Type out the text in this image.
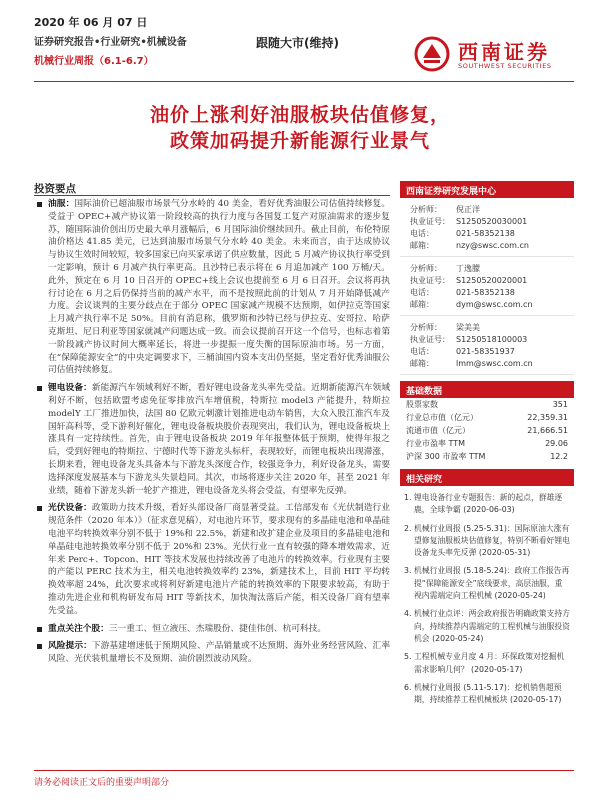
2020 年 06 月 07 日
证券研究报告•行业研究•机械设备
机械行业周报（6.1-6.7）
跟随大市(维持)	西南证券
SOUTHWEST SECURITIES
油价上涨利好油服板块估值修复，
政策加码提升新能源行业景气
投资要点
油服：国际油价已超油服市场景气分水岭的 40 美金，看好优秀油服公司估值持续修复。受益于 OPEC+减产协议第一阶段较高的执行力度与各国复工复产对原油需求的逐步复苏，随国际油价创出历史最大单月涨幅后，6 月国际油价继续回升。截止目前，布伦特原油价格达 41.85 美元，已达到油服市场景气分水岭 40 美金。未来而言，由于达成协议与协议生效时间较短，较多国家已向买家承诺了供应数量，因此 5 月减产协议执行率受到一定影响，预计 6 月减产执行率更高。且沙特已表示将在 6 月追加减产 100 万桶/天。此外，预定在 6 月 10 日召开的 OPEC+线上会议也提前至 6 月 6 日召开。会议将再执行讨论在 6 月之后仍保持当前的减产水平，而不是按照此前的计划从 7 月开始降低减产力度。会议谈判的主要分歧点在于部分 OPEC 国家减产规模不达预期，如伊拉克等国家上月减产执行率不足 50%。目前有消息称，俄罗斯和沙特已经与伊拉克、安哥拉、哈萨克斯坦、尼日利亚等国家就减产问题达成一致。而会议提前召开这一个信号，也标志着第一阶段减产协议时间大概率延长，将进一步提振一度失衡的国际原油市场。另一方面，在“保障能源安全”的中央定调要求下，三桶油国内资本支出仍坚挺，坚定看好优秀油服公司估值持续修复。
锂电设备：新能源汽车领域利好不断，看好锂电设备龙头率先受益。近期新能源汽车领域利好不断，包括欧盟考虑免征零排放汽车增值税，特斯拉 model3 产能提升，特斯拉 modelY 工厂推进加快，法国 80 亿欧元刺激计划推进电动车销售，大众入股江淮汽车及国轩高科等，受下游利好催化，锂电设备板块股价表现突出，我们认为，锂电设备板块上涨具有一定持续性。首先，由于锂电设备板块 2019 年年报整体低于预期，使得年报之后，受到好锂电的特斯拉、宁德时代等下游龙头标杆，表现较好，而锂电板块出现滞涨，长期来看，锂电设备龙头具备本与下游龙头深度合作，较强竞争力，利好设备龙头，需要选择深度发展基本与下游龙头失景趋同。其次，市场将逐步关注 2020 年，甚至 2021 年业绩，随着下游龙头新一轮扩产推进，锂电设备龙头将会受益，有望率先反弹。
光伏设备：政策助力技术升级，看好头部设备厂商显著受益。工信部发布《光伏制造行业规范条件（2020 年本）》（征求意见稿），对电池片环节，要求现有的多晶硅电池和单晶硅电池平均转换效率分别不低于 19%和 22.5%，新建和改扩建企业及项目的多晶硅电池和单晶硅电池转换效率分别不低于 20%和 23%。光伏行业一直有较强的降本增效需求，近年来 Perc+、Topcon、HIT 等技术发展也持续改善了电池片的转换效率。行业现有主要的产能以 PERC 技术为主，相关电池转换效率约 23%，新建技术上，目前 HIT 平均转换效率超 24%，此次要求或将利好新建电池片产能的转换效率的下限要求较高，有助于推动先进企业和机构研发布局 HIT 等新技术，加快淘汰落后产能，相关设备厂商有望率先受益。
重点关注个股：三一重工、恒立液压、杰瑞股份、捷佳伟创、杭可科技。
风险提示：下游基建增速低于预期风险、产品销量或不达预期、海外业务经营风险、汇率风险、光伏装机量增长不及预期、油价剧烈波动风险。
西南证券研究发展中心
分析师：	倪正洋
执业证号： S1250520030001
电话：	021-58352138
邮箱：	nzy@swsc.com.cn
分析师：	丁逸朦
执业证号： S1250520020001
电话：	021-58352138
邮箱：	dym@swsc.com.cn
分析师：	梁美美
执业证号： S1250518100003
电话：	021-58351937
邮箱：	lmm@swsc.com.cn
基础数据
股票家数	351
行业总市值（亿元）	22,359.31
流通市值（亿元）	21,666.51
行业市盈率 TTM	29.06
沪深 300 市盈率 TTM	12.2
相关研究
1. 锂电设备行业专题报告：新的起点，群雄逐鹿，全球争霸 (2020-06-03)
2. 机械行业周报 (5.25-5.31)：国际原油大涨有望修复油服板块估值修复，特别不断看好锂电设备龙头率先反弹 (2020-05-31)
3. 机械行业周报 (5.18-5.24)：政府工作报告再提“保障能源安全”底线要求，高层油服，重视内需端定向工程机械 (2020-05-24)
4. 机械行业点评：两会政府报告明确政策支持方向，持续推荐内需端定的工程机械与油服投资机会 (2020-05-24)
5. 工程机械专业月度 4 月：环保政策对挖掘机需求影响几何？ (2020-05-17)
6. 机械行业周报 (5.11-5.17)：挖机销售超预期，持续推荐工程机械板块 (2020-05-17)
请务必阅读正文后的重要声明部分
